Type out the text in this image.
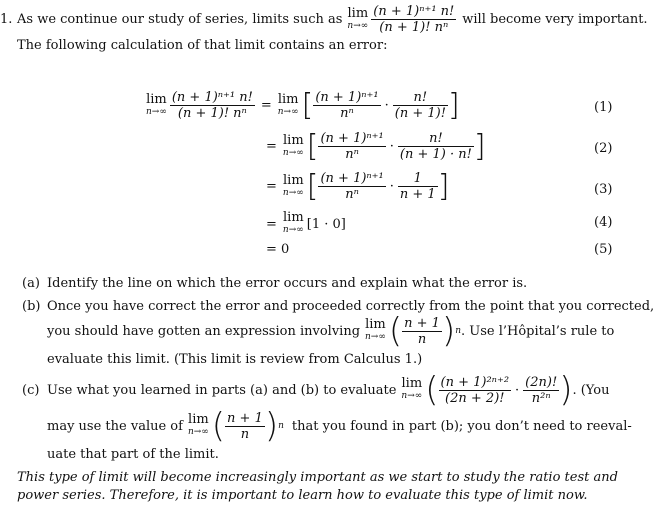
1. As we continue our study of series, limits such as lim
$n\to\infty \frac{\text{(n + 1)ⁿ⁺¹ n!}}{\text{(n + 1)! nⁿ}}$ will become very important.
The following calculation of that limit contains an error:
lim
$n\to\infty \frac{\text{(n + 1)ⁿ⁺¹ n!}}{\text{(n + 1)! nⁿ}} = \lim$
n→∞ [ $\frac{\text{(n + 1)ⁿ⁺¹}}{\text{nⁿ}} \cdot \frac{n!}{(n + 1)!}$ ]	(1)
= lim
n→∞ [ $\frac{\text{(n + 1)ⁿ⁺¹}}{\text{nⁿ}} \cdot \frac{n!}{(n + 1) \cdot n!}$ ]	(2)
= lim
n→∞ [ $\frac{\text{(n + 1)ⁿ⁺¹}}{\text{nⁿ}} \cdot \frac{1}{n + 1}$ ]	(3)
= lim
n→∞ [1 · 0]	(4)
= 0	(5)
(a) Identify the line on which the error occurs and explain what the error is.
(b) Once you have correct the error and proceeded correctly from the point that you corrected,
you should have gotten an expression involving lim
n→∞ ( $\frac{n + 1}{n}$ ) n . Use l’Hôpital’s rule to
evaluate this limit. (This limit is review from Calculus 1.)
(c) Use what you learned in parts (a) and (b) to evaluate lim
n→∞ ( $\frac{\text{(n + 1)²ⁿ⁺²}}{(2n + 2)!} \cdot \frac{(2n)!}{\text{n²ⁿ}}$ ) . (You
may use the value of lim
n→∞ ( $\frac{n + 1}{n}$ ) n that you found in part (b); you don’t need to reeval-
uate that part of the limit.
This type of limit will become increasingly important as we start to study the ratio test and
power series. Therefore, it is important to learn how to evaluate this type of limit now.
